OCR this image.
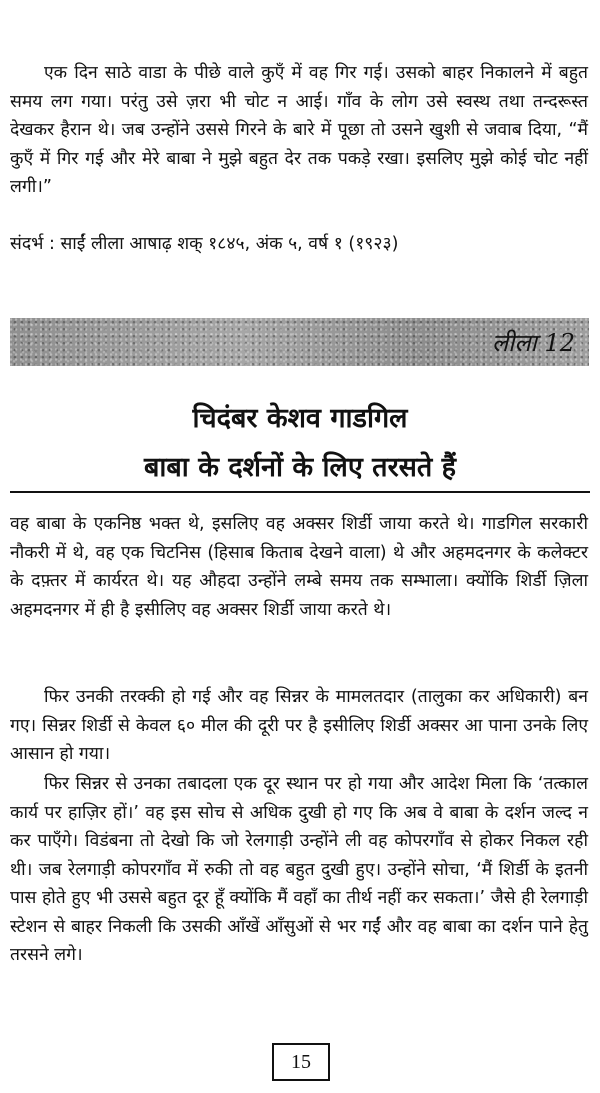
एक दिन साठे वाडा के पीछे वाले कुएँ में वह गिर गई। उसको बाहर निकालने में बहुत समय लग गया। परंतु उसे ज़रा भी चोट न आई। गाँव के लोग उसे स्वस्थ तथा तन्दरूस्त देखकर हैरान थे। जब उन्होंने उससे गिरने के बारे में पूछा तो उसने खुशी से जवाब दिया, “मैं कुएँ में गिर गई और मेरे बाबा ने मुझे बहुत देर तक पकड़े रखा। इसलिए मुझे कोई चोट नहीं लगी।”

संदर्भ : साईं लीला आषाढ़ शक् १८४५, अंक ५, वर्ष १ (१९२३)

लीला 12
चिदंबर केशव गाडगिल
बाबा के दर्शनों के लिए तरसते हैं

वह बाबा के एकनिष्ठ भक्त थे, इसलिए वह अक्सर शिर्डी जाया करते थे। गाडगिल सरकारी नौकरी में थे, वह एक चिटनिस (हिसाब किताब देखने वाला) थे और अहमदनगर के कलेक्टर के दफ़्तर में कार्यरत थे। यह औहदा उन्होंने लम्बे समय तक सम्भाला। क्योंकि शिर्डी ज़िला अहमदनगर में ही है इसीलिए वह अक्सर शिर्डी जाया करते थे।

फिर उनकी तरक्की हो गई और वह सिन्नर के मामलतदार (तालुका कर अधिकारी) बन गए। सिन्नर शिर्डी से केवल ६० मील की दूरी पर है इसीलिए शिर्डी अक्सर आ पाना उनके लिए आसान हो गया।

फिर सिन्नर से उनका तबादला एक दूर स्थान पर हो गया और आदेश मिला कि ‘तत्काल कार्य पर हाज़िर हों।’ वह इस सोच से अधिक दुखी हो गए कि अब वे बाबा के दर्शन जल्द न कर पाएँगे। विडंबना तो देखो कि जो रेलगाड़ी उन्होंने ली वह कोपरगाँव से होकर निकल रही थी। जब रेलगाड़ी कोपरगाँव में रुकी तो वह बहुत दुखी हुए। उन्होंने सोचा, ‘मैं शिर्डी के इतनी पास होते हुए भी उससे बहुत दूर हूँ क्योंकि मैं वहाँ का तीर्थ नहीं कर सकता।’ जैसे ही रेलगाड़ी स्टेशन से बाहर निकली कि उसकी आँखें आँसुओं से भर गईं और वह बाबा का दर्शन पाने हेतु तरसने लगे।

15
